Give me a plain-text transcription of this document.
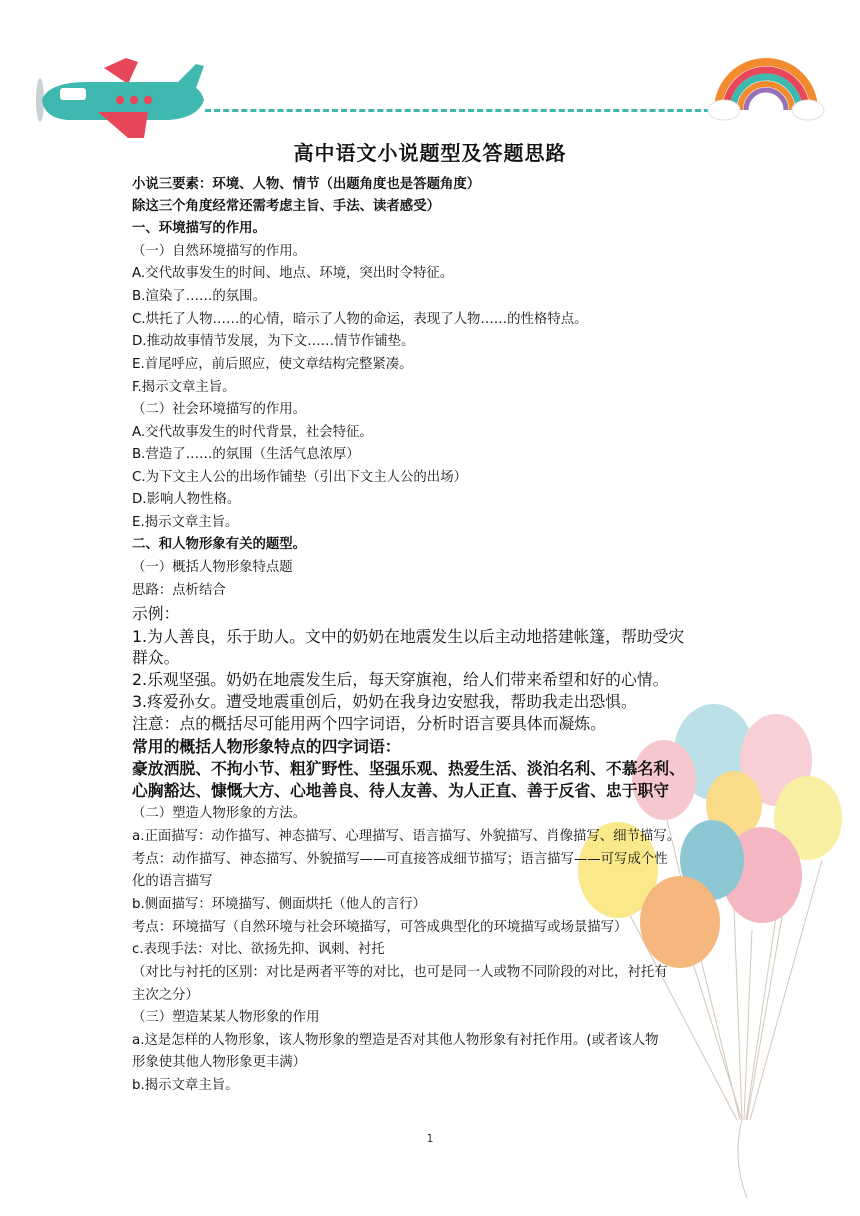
高中语文小说题型及答题思路
小说三要素：环境、人物、情节（出题角度也是答题角度）
除这三个角度经常还需考虑主旨、手法、读者感受）
一、环境描写的作用。
（一）自然环境描写的作用。
A.交代故事发生的时间、地点、环境，突出时令特征。
B.渲染了……的氛围。
C.烘托了人物……的心情，暗示了人物的命运，表现了人物……的性格特点。
D.推动故事情节发展，为下文……情节作铺垫。
E.首尾呼应，前后照应，使文章结构完整紧凑。
F.揭示文章主旨。
（二）社会环境描写的作用。
A.交代故事发生的时代背景，社会特征。
B.营造了……的氛围（生活气息浓厚）
C.为下文主人公的出场作铺垫（引出下文主人公的出场）
D.影响人物性格。
E.揭示文章主旨。
二、和人物形象有关的题型。
（一）概括人物形象特点题
思路：点析结合
示例：
1.为人善良，乐于助人。文中的奶奶在地震发生以后主动地搭建帐篷，帮助受灾
群众。
2.乐观坚强。奶奶在地震发生后，每天穿旗袍，给人们带来希望和好的心情。
3.疼爱孙女。遭受地震重创后，奶奶在我身边安慰我，帮助我走出恐惧。
注意：点的概括尽可能用两个四字词语，分析时语言要具体而凝炼。
常用的概括人物形象特点的四字词语：
豪放洒脱、不拘小节、粗犷野性、坚强乐观、热爱生活、淡泊名利、不慕名利、
心胸豁达、慷慨大方、心地善良、待人友善、为人正直、善于反省、忠于职守
（二）塑造人物形象的方法。
a.正面描写：动作描写、神态描写、心理描写、语言描写、外貌描写、肖像描写、细节描写。
考点：动作描写、神态描写、外貌描写——可直接答成细节描写；语言描写——可写成个性
化的语言描写
b.侧面描写：环境描写、侧面烘托（他人的言行）
考点：环境描写（自然环境与社会环境描写，可答成典型化的环境描写或场景描写）
c.表现手法：对比、欲扬先抑、讽刺、衬托
（对比与衬托的区别：对比是两者平等的对比，也可是同一人或物不同阶段的对比，衬托有
主次之分）
（三）塑造某某人物形象的作用
a.这是怎样的人物形象，该人物形象的塑造是否对其他人物形象有衬托作用。(或者该人物
形象使其他人物形象更丰满）
b.揭示文章主旨。
1
